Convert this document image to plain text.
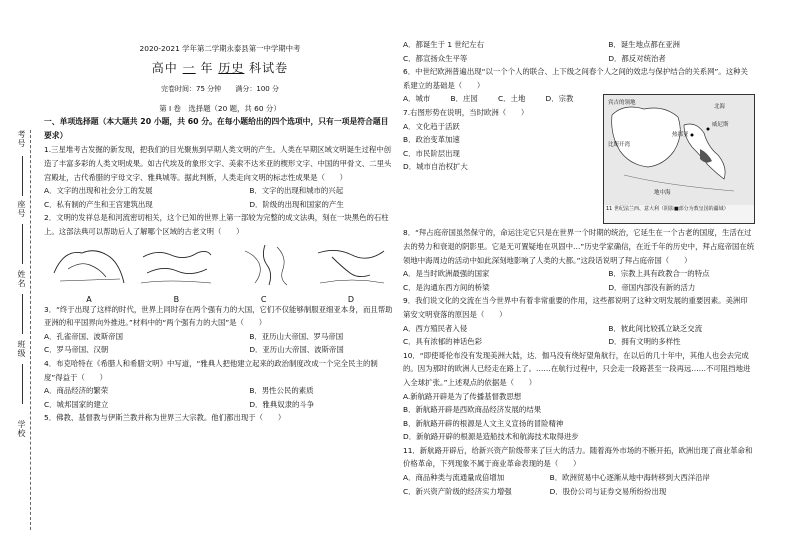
考号
座号
姓名
班级
学校
2020-2021 学年第二学期永泰县第一中学期中考
高中 一 年 历史 科试卷
完卷时间：75 分钟 满分：100 分
第 I 卷　选择题（20 题，共 60 分）
一、单项选择题（本大题共 20 小题，共 60 分。在每小题给出的四个选项中，只有一项是符合题目要求）

1.三星堆考古发掘的新发现，把我们的目光聚焦到早期人类文明的产生。人类在早期区域文明诞生过程中创造了丰富多彩的人类文明成果。如古代埃及的象形文字、美索不达米亚的楔形文字、中国的甲骨文、二里头宫殿址，古代希腊的宇母文字、雅典城等。据此判断，人类走向文明的标志性成果是（　　）

A．文字的出现和社会分工的发展	B．文字的出现和城市的兴起
C．私有制的产生和王宫建筑出现	D．阶级的出现和国家的产生

2．文明的发祥总是和河流密切相关，这个已知的世界上第一部较为完整的成文法典，刻在一块黑色的石柱上。这部法典可以帮助后人了解哪个区域的古老文明（　　）

A	B	C	D

3．“终于出现了这样的时代，世界上同时存在两个强有力的大国，它们不仅能够制服亚细亚本身，而且帮助亚洲的和平国界向外推进。”材料中的“两个强有力的大国”是（　　）

A．孔雀帝国、波斯帝国	B．亚历山大帝国、罗马帝国
C．罗马帝国、汉朝	D．亚历山大帝国、波斯帝国

4．布克哈特在《希腊人和希腊文明》中写道，“雅典人把他建立起来的政治制度改成一个完全民主的制度”得益于（　　）

A．商品经济的繁荣	B．男性公民的素质
C．城邦国家的建立	D．雅典奴隶的斗争

5．佛教、基督教与伊斯兰教并称为世界三大宗教。他们都出现于（　　）

A．都诞生于 1 世纪左右	B．诞生地点都在亚洲
C．都宣扬众生平等	D．都反对统治者

6．中世纪欧洲普遍出现“以一个个人的联合、上下级之间春个人之间的效忠与保护结合的关系网”。这种关系建立的基础是（　　）

宾吉的领地
北海
比斯开湾
地中海
热那亚
威尼斯
11 世纪法兰西、意大利（阴影■部分为教皇国的疆域）
A．城市	B．庄园	C．土地	D．宗教

7.右图形势在说明，当时欧洲（　　）

A．文化趋于活跃
B．政治变革加速
C．市民阶层出现
D．城市自治权扩大

8．“拜占庭帝国虽然保守的，命运注定它只是在世界一个时期的统治，它延生在一个古老的国度，生活在过去的势力和衰退的阴影里。它是无可置疑地在巩固中…”历史学家确信，在近千年的历史中，拜占庭帝国在统领地中海周边的活动中如此深刻地影响了人类的大都。”这段话说明了拜占庭帝国（　　）

A．是当时欧洲最强的国家	B．宗教上具有政教合一的特点
C．是沟通东西方间的桥梁	D．帝国内部没有新的活力

9．我们说文化的交流在当今世界中有着非常重要的作用，这些都说明了这种文明发展的重要因素。美洲印第安文明衰落的原因是（　　）

A．西方殖民者入侵	B．彼此间比较孤立缺乏交流
C．具有浓郁的神话色彩	D．拥有文明的多样性

10．“即使哥伦布没有发现美洲大陆，达．伽马没有绕好望角航行，在以后的几十年中，其他人也会去完成的。因为那时的欧洲人已经走在路上了。……在航行过程中，只会走一段路甚至一段再远……不可阻挡地进入全球扩张。”上述观点的依据是（　　）

A.新航路开辟是为了传播基督教思想
B．新航路开辟是西欧商品经济发展的结果
B．新航路开辟的根源是人文主义宣扬的冒险精神
D．新航路开辟的根源是造船技术和航海技术取得进步

11．新航路开辟后，给新兴资产阶级带来了巨大的活力。随着海外市场的不断开拓，欧洲出现了商业革命和价格革命，下列现象不属于商业革命表现的是（　　）

A．商品种类与流通量成倍增加	B．欧洲贸易中心逐渐从地中海转移到大西洋沿岸
C．新兴资产阶级的经济实力增强	D．股份公司与证券交易所纷纷出现
